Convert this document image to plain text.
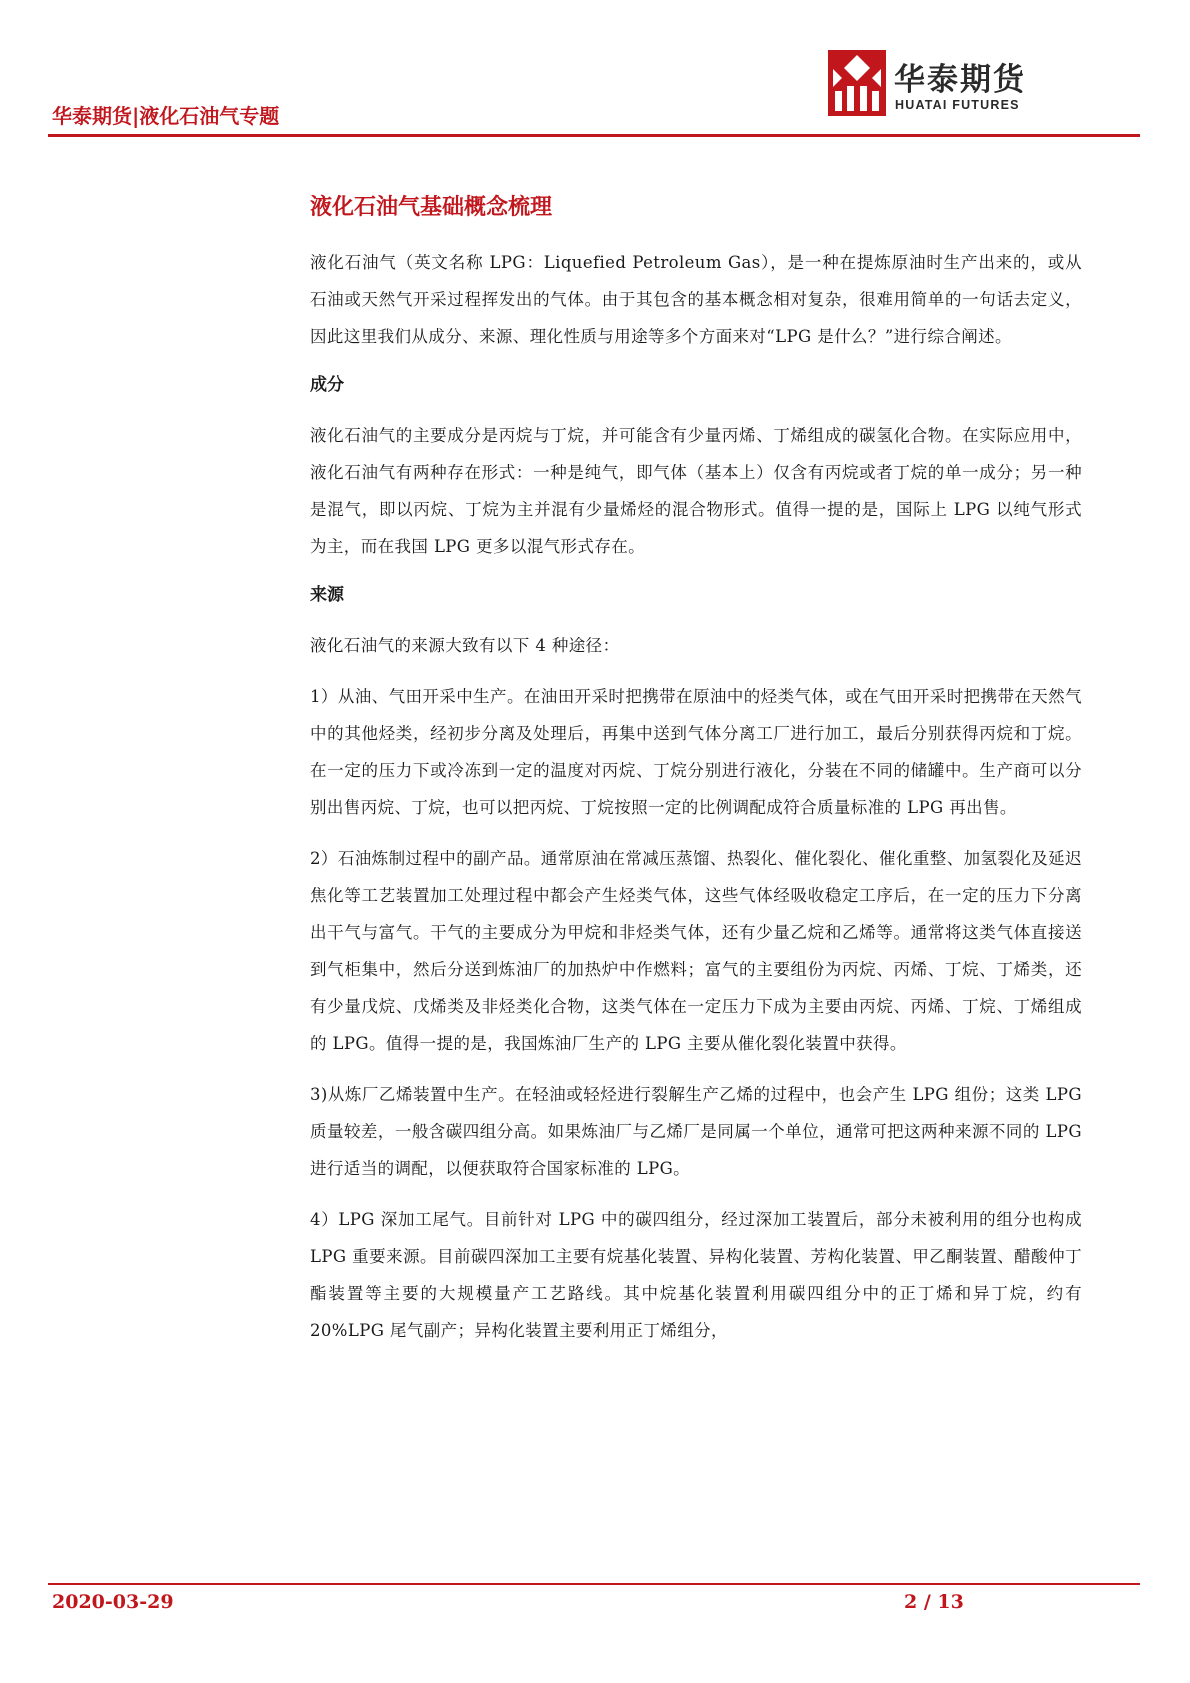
华泰期货|液化石油气专题
华泰期货
HUATAI FUTURES
液化石油气基础概念梳理

液化石油气（英文名称 LPG：Liquefied Petroleum Gas），是一种在提炼原油时生产出来的，或从石油或天然气开采过程挥发出的气体。由于其包含的基本概念相对复杂，很难用简单的一句话去定义，因此这里我们从成分、来源、理化性质与用途等多个方面来对“LPG 是什么？”进行综合阐述。

成分

液化石油气的主要成分是丙烷与丁烷，并可能含有少量丙烯、丁烯组成的碳氢化合物。在实际应用中，液化石油气有两种存在形式：一种是纯气，即气体（基本上）仅含有丙烷或者丁烷的单一成分；另一种是混气，即以丙烷、丁烷为主并混有少量烯烃的混合物形式。值得一提的是，国际上 LPG 以纯气形式为主，而在我国 LPG 更多以混气形式存在。

来源

液化石油气的来源大致有以下 4 种途径：

1）从油、气田开采中生产。在油田开采时把携带在原油中的烃类气体，或在气田开采时把携带在天然气中的其他烃类，经初步分离及处理后，再集中送到气体分离工厂进行加工，最后分别获得丙烷和丁烷。在一定的压力下或冷冻到一定的温度对丙烷、丁烷分别进行液化，分装在不同的储罐中。生产商可以分别出售丙烷、丁烷，也可以把丙烷、丁烷按照一定的比例调配成符合质量标准的 LPG 再出售。

2）石油炼制过程中的副产品。通常原油在常减压蒸馏、热裂化、催化裂化、催化重整、加氢裂化及延迟焦化等工艺装置加工处理过程中都会产生烃类气体，这些气体经吸收稳定工序后，在一定的压力下分离出干气与富气。干气的主要成分为甲烷和非烃类气体，还有少量乙烷和乙烯等。通常将这类气体直接送到气柜集中，然后分送到炼油厂的加热炉中作燃料；富气的主要组份为丙烷、丙烯、丁烷、丁烯类，还有少量戊烷、戊烯类及非烃类化合物，这类气体在一定压力下成为主要由丙烷、丙烯、丁烷、丁烯组成的 LPG。值得一提的是，我国炼油厂生产的 LPG 主要从催化裂化装置中获得。

3)从炼厂乙烯装置中生产。在轻油或轻烃进行裂解生产乙烯的过程中，也会产生 LPG 组份；这类 LPG 质量较差，一般含碳四组分高。如果炼油厂与乙烯厂是同属一个单位，通常可把这两种来源不同的 LPG 进行适当的调配，以便获取符合国家标准的 LPG。

4）LPG 深加工尾气。目前针对 LPG 中的碳四组分，经过深加工装置后，部分未被利用的组分也构成 LPG 重要来源。目前碳四深加工主要有烷基化装置、异构化装置、芳构化装置、甲乙酮装置、醋酸仲丁酯装置等主要的大规模量产工艺路线。其中烷基化装置利用碳四组分中的正丁烯和异丁烷，约有 20%LPG 尾气副产；异构化装置主要利用正丁烯组分，

2020-03-29	2 / 13
